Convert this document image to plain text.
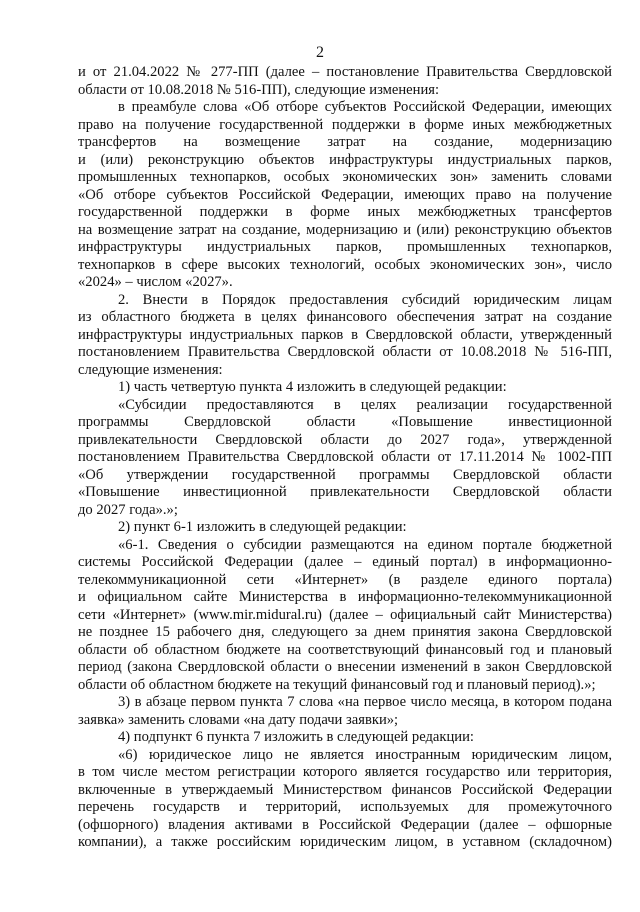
2
и от 21.04.2022 № 277-ПП (далее – постановление Правительства Свердловской
области от 10.08.2018 № 516-ПП), следующие изменения:
в преамбуле слова «Об отборе субъектов Российской Федерации, имеющих
право на получение государственной поддержки в форме иных межбюджетных
трансфертов на возмещение затрат на создание, модернизацию
и (или) реконструкцию объектов инфраструктуры индустриальных парков,
промышленных технопарков, особых экономических зон» заменить словами
«Об отборе субъектов Российской Федерации, имеющих право на получение
государственной поддержки в форме иных межбюджетных трансфертов
на возмещение затрат на создание, модернизацию и (или) реконструкцию объектов
инфраструктуры индустриальных парков, промышленных технопарков,
технопарков в сфере высоких технологий, особых экономических зон», число
«2024» – числом «2027».
2. Внести в Порядок предоставления субсидий юридическим лицам
из областного бюджета в целях финансового обеспечения затрат на создание
инфраструктуры индустриальных парков в Свердловской области, утвержденный
постановлением Правительства Свердловской области от 10.08.2018 № 516-ПП,
следующие изменения:
1) часть четвертую пункта 4 изложить в следующей редакции:
«Субсидии предоставляются в целях реализации государственной
программы Свердловской области «Повышение инвестиционной
привлекательности Свердловской области до 2027 года», утвержденной
постановлением Правительства Свердловской области от 17.11.2014 № 1002-ПП
«Об утверждении государственной программы Свердловской области
«Повышение инвестиционной привлекательности Свердловской области
до 2027 года».»;
2) пункт 6-1 изложить в следующей редакции:
«6-1. Сведения о субсидии размещаются на едином портале бюджетной
системы Российской Федерации (далее – единый портал) в информационно-
телекоммуникационной сети «Интернет» (в разделе единого портала)
и официальном сайте Министерства в информационно-телекоммуникационной
сети «Интернет» (www.mir.midural.ru) (далее – официальный сайт Министерства)
не позднее 15 рабочего дня, следующего за днем принятия закона Свердловской
области об областном бюджете на соответствующий финансовый год и плановый
период (закона Свердловской области о внесении изменений в закон Свердловской
области об областном бюджете на текущий финансовый год и плановый период).»;
3) в абзаце первом пункта 7 слова «на первое число месяца, в котором подана
заявка» заменить словами «на дату подачи заявки»;
4) подпункт 6 пункта 7 изложить в следующей редакции:
«6) юридическое лицо не является иностранным юридическим лицом,
в том числе местом регистрации которого является государство или территория,
включенные в утверждаемый Министерством финансов Российской Федерации
перечень государств и территорий, используемых для промежуточного
(офшорного) владения активами в Российской Федерации (далее – офшорные
компании), а также российским юридическим лицом, в уставном (складочном)
